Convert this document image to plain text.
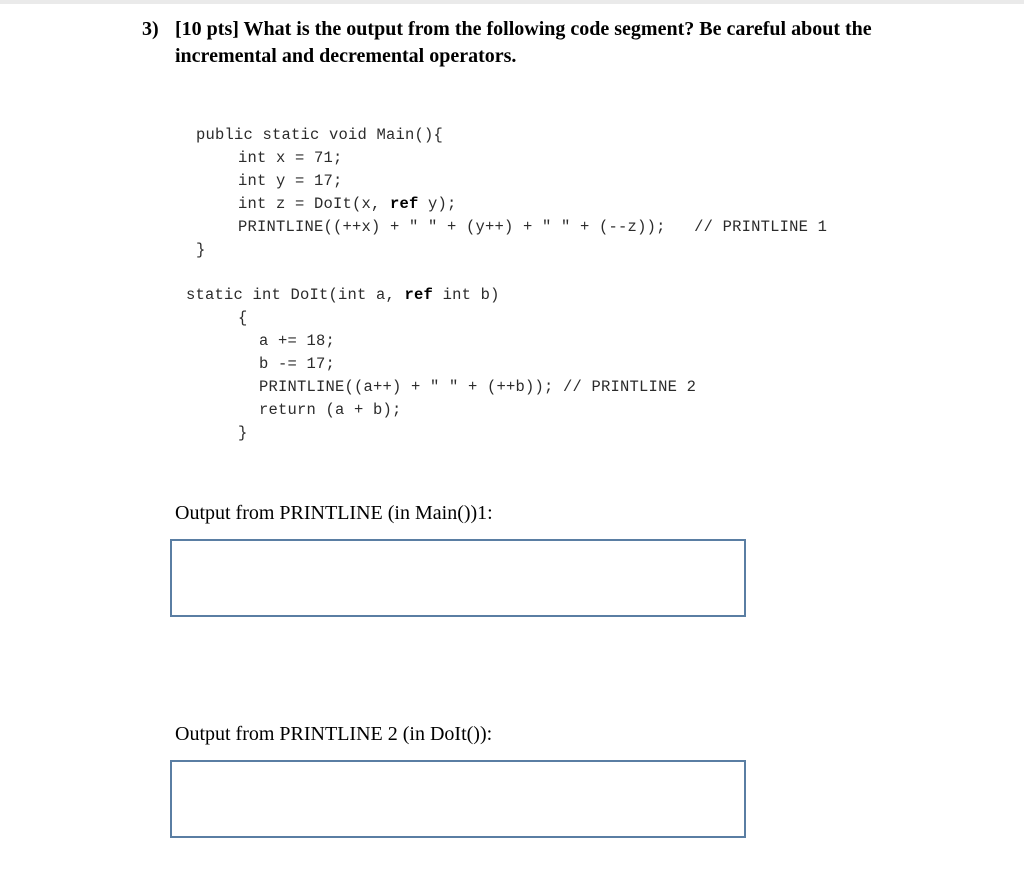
3) [10 pts] What is the output from the following code segment? Be careful about the incremental and decremental operators.
public static void Main(){
int x = 71;
int y = 17;
int z = DoIt(x, ref y);
PRINTLINE((++x) + " " + (y++) + " " + (--z));   // PRINTLINE 1
}
static int DoIt(int a, ref int b)
{
a += 18;
b -= 17;
PRINTLINE((a++) + " " + (++b)); // PRINTLINE 2
return (a + b);
}
Output from PRINTLINE (in Main())1:
Output from PRINTLINE 2 (in DoIt()):
